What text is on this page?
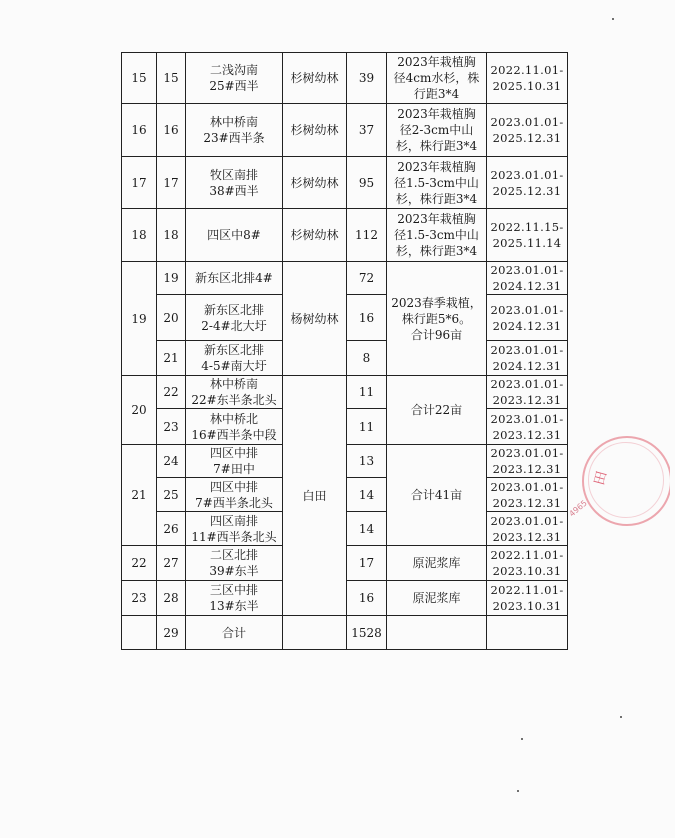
15	15	二浅沟南
25#西半	杉树幼林	39	2023年栽植胸
径4cm水杉，株
行距3*4	2022.11.01-
2025.10.31

16	16	林中桥南
23#西半条	杉树幼林	37	2023年栽植胸
径2-3cm中山
杉，株行距3*4	2023.01.01-
2025.12.31

17	17	牧区南排
38#西半	杉树幼林	95	2023年栽植胸
径1.5-3cm中山
杉，株行距3*4	2023.01.01-
2025.12.31

18	18	四区中8#	杉树幼林	112	2023年栽植胸
径1.5-3cm中山
杉，株行距3*4	2022.11.15-
2025.11.14

19	19	新东区北排4#	杨树幼林	72	2023春季栽植，
株行距5*6。
合计96亩	2023.01.01-
2024.12.31

	20	新东区北排
2-4#北大圩		16		2023.01.01-
2024.12.31

	21	新东区北排
4-5#南大圩		8		2023.01.01-
2024.12.31

20	22	林中桥南
22#东半条北头	白田	11	合计22亩	2023.01.01-
2023.12.31

	23	林中桥北
16#西半条中段		11		2023.01.01-
2023.12.31

21	24	四区中排
7#田中		13	合计41亩	2023.01.01-
2023.12.31

	25	四区中排
7#西半条北头		14		2023.01.01-
2023.12.31

	26	四区南排
11#西半条北头		14		2023.01.01-
2023.12.31

22	27	二区北排
39#东半		17	原泥浆库	2022.11.01-
2023.10.31

23	28	三区中排
13#东半		16	原泥浆库	2022.11.01-
2023.10.31

	29	合计		1528		

田
4965
